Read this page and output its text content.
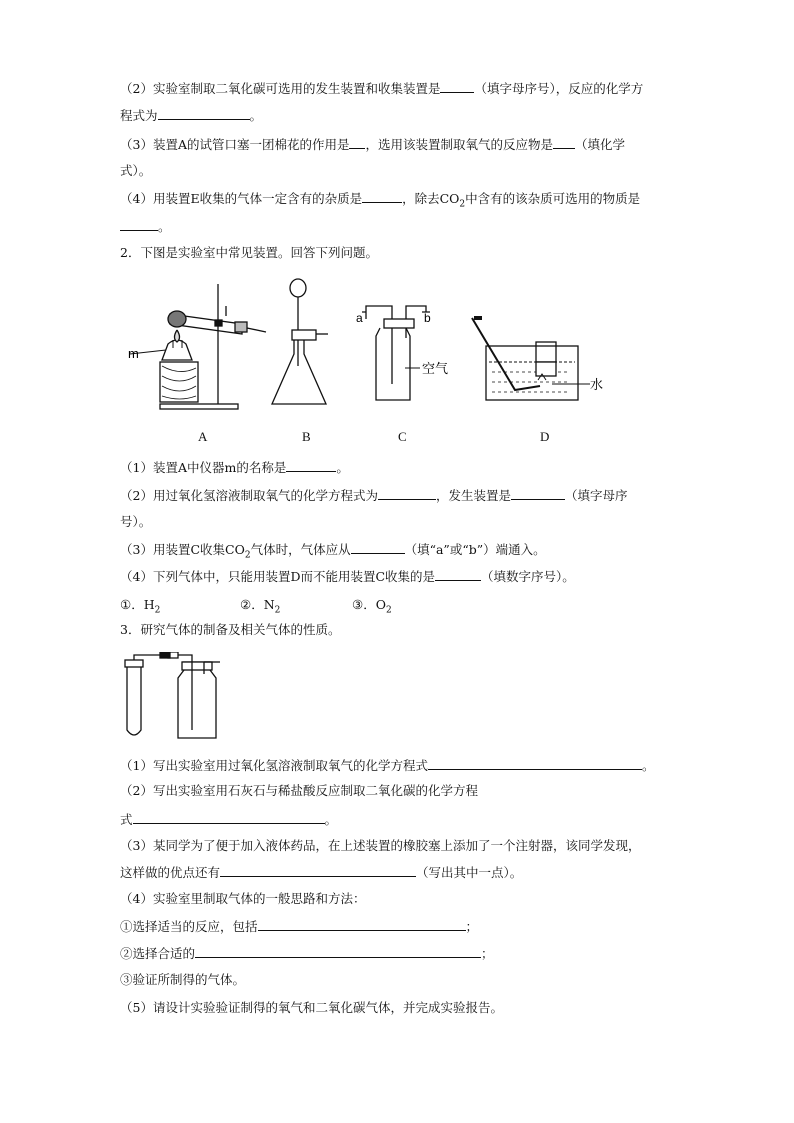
（2）实验室制取二氧化碳可选用的发生装置和收集装置是	（填字母序号），反应的化学方
程式为	。
（3）装置A的试管口塞一团棉花的作用是 ，选用该装置制取氧气的反应物是 （填化学
式）。
（4）用装置E收集的气体一定含有的杂质是	，除去$CO_2$中含有的该杂质可选用的物质是
。
2．下图是实验室中常见装置。回答下列问题。
m
a	b
空气
水
A	B	C	D
（1）装置A中仪器m的名称是	。
（2）用过氧化氢溶液制取氧气的化学方程式为	，发生装置是	（填字母序
号）。
（3）用装置C收集$CO_2$气体时，气体应从	（填“a”或“b”）端通入。
（4）下列气体中，只能用装置D而不能用装置C收集的是	（填数字序号）。
①．$H_2$	②．$N_2$	③．$O_2$
3．研究气体的制备及相关气体的性质。
（1）写出实验室用过氧化氢溶液制取氧气的化学方程式	。
（2）写出实验室用石灰石与稀盐酸反应制取二氧化碳的化学方程
式	。
（3）某同学为了便于加入液体药品，在上述装置的橡胶塞上添加了一个注射器，该同学发现，
这样做的优点还有	（写出其中一点）。
（4）实验室里制取气体的一般思路和方法：
①选择适当的反应，包括	；
②选择合适的	；
③验证所制得的气体。
（5）请设计实验验证制得的氧气和二氧化碳气体，并完成实验报告。
